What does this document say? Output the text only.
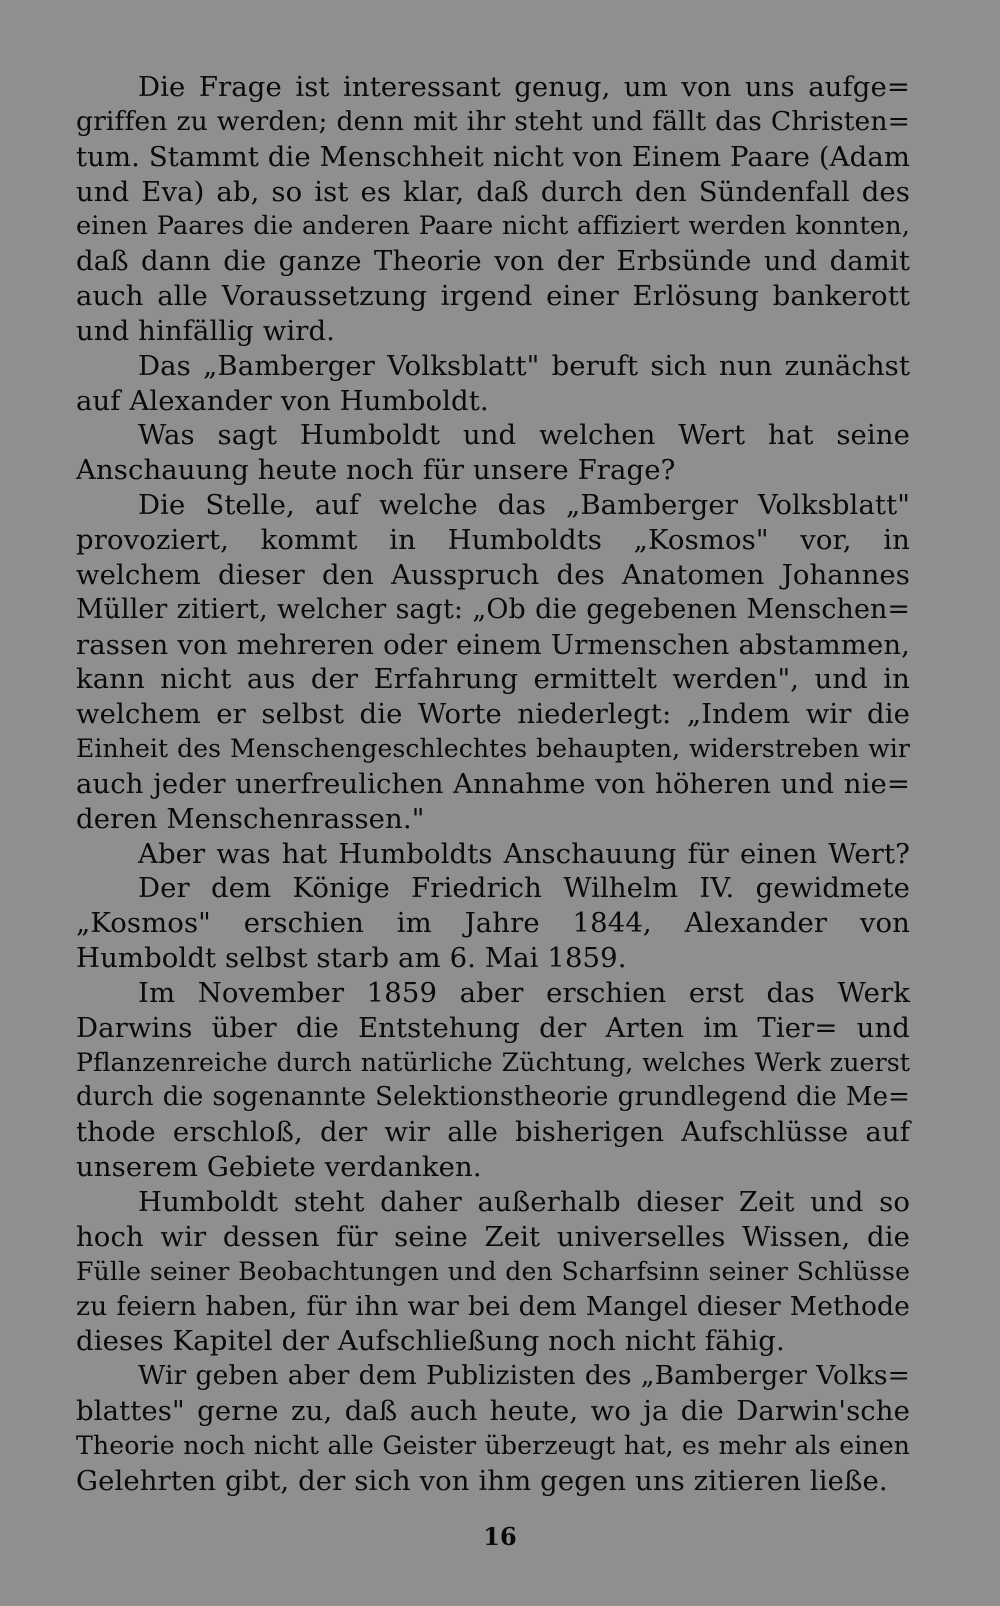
Die Frage ist interessant genug, um von uns aufge=
griffen zu werden; denn mit ihr steht und fällt das Christen=
tum. Stammt die Menschheit nicht von Einem Paare (Adam
und Eva) ab, so ist es klar, daß durch den Sündenfall des
einen Paares die anderen Paare nicht affiziert werden konnten,
daß dann die ganze Theorie von der Erbsünde und damit
auch alle Voraussetzung irgend einer Erlösung bankerott
und hinfällig wird.

Das „Bamberger Volksblatt" beruft sich nun zunächst
auf Alexander von Humboldt.

Was sagt Humboldt und welchen Wert hat seine
Anschauung heute noch für unsere Frage?

Die Stelle, auf welche das „Bamberger Volksblatt"
provoziert, kommt in Humboldts „Kosmos" vor, in
welchem dieser den Ausspruch des Anatomen Johannes
Müller zitiert, welcher sagt: „Ob die gegebenen Menschen=
rassen von mehreren oder einem Urmenschen abstammen,
kann nicht aus der Erfahrung ermittelt werden", und in
welchem er selbst die Worte niederlegt: „Indem wir die
Einheit des Menschengeschlechtes behaupten, widerstreben wir
auch jeder unerfreulichen Annahme von höheren und nie=
deren Menschenrassen."

Aber was hat Humboldts Anschauung für einen Wert?

Der dem Könige Friedrich Wilhelm IV. gewidmete
„Kosmos" erschien im Jahre 1844, Alexander von
Humboldt selbst starb am 6. Mai 1859.

Im November 1859 aber erschien erst das Werk
Darwins über die Entstehung der Arten im Tier= und
Pflanzenreiche durch natürliche Züchtung, welches Werk zuerst
durch die sogenannte Selektionstheorie grundlegend die Me=
thode erschloß, der wir alle bisherigen Aufschlüsse auf
unserem Gebiete verdanken.

Humboldt steht daher außerhalb dieser Zeit und so
hoch wir dessen für seine Zeit universelles Wissen, die
Fülle seiner Beobachtungen und den Scharfsinn seiner Schlüsse
zu feiern haben, für ihn war bei dem Mangel dieser Methode
dieses Kapitel der Aufschließung noch nicht fähig.

Wir geben aber dem Publizisten des „Bamberger Volks=
blattes" gerne zu, daß auch heute, wo ja die Darwin'sche
Theorie noch nicht alle Geister überzeugt hat, es mehr als einen
Gelehrten gibt, der sich von ihm gegen uns zitieren ließe.

16
